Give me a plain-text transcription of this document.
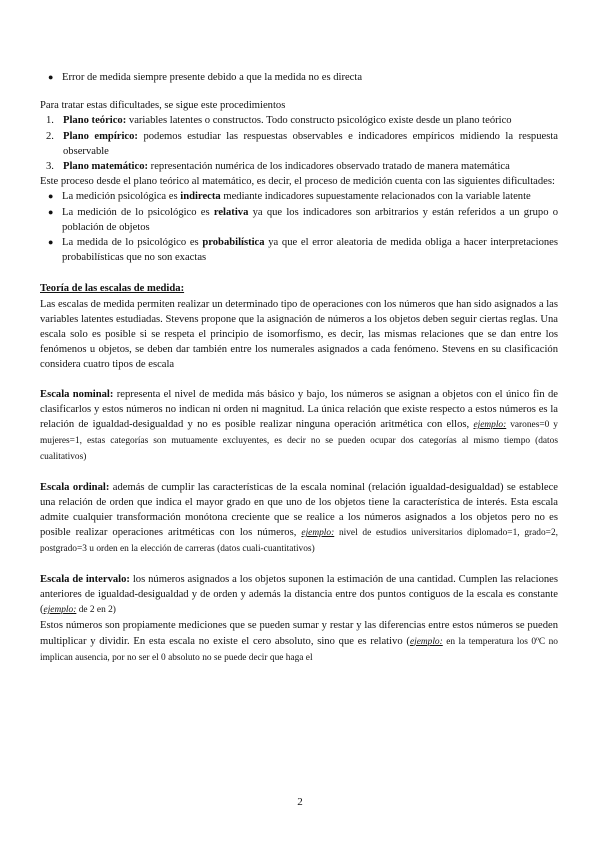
● Error de medida siempre presente debido a que la medida no es directa

Para tratar estas dificultades, se sigue este procedimientos

1. Plano teórico: variables latentes o constructos. Todo constructo psicológico existe desde un plano teórico
2. Plano empírico: podemos estudiar las respuestas observables e indicadores empíricos midiendo la respuesta observable
3. Plano matemático: representación numérica de los indicadores observado tratado de manera matemática

Este proceso desde el plano teórico al matemático, es decir, el proceso de medición cuenta con las siguientes dificultades:

● La medición psicológica es indirecta mediante indicadores supuestamente relacionados con la variable latente
● La medición de lo psicológico es relativa ya que los indicadores son arbitrarios y están referidos a un grupo o población de objetos
● La medida de lo psicológico es probabilística ya que el error aleatoria de medida obliga a hacer interpretaciones probabilísticas que no son exactas

Teoría de las escalas de medida:

Las escalas de medida permiten realizar un determinado tipo de operaciones con los números que han sido asignados a las variables latentes estudiadas. Stevens propone que la asignación de números a los objetos deben seguir ciertas reglas. Una escala solo es posible si se respeta el principio de isomorfismo, es decir, las mismas relaciones que se dan entre los fenómenos u objetos, se deben dar también entre los numerales asignados a cada fenómeno. Stevens en su clasificación considera cuatro tipos de escala

Escala nominal: representa el nivel de medida más básico y bajo, los números se asignan a objetos con el único fin de clasificarlos y estos números no indican ni orden ni magnitud. La única relación que existe respecto a estos números es la relación de igualdad-desigualdad y no es posible realizar ninguna operación aritmética con ellos, ejemplo: varones=0 y mujeres=1, estas categorías son mutuamente excluyentes, es decir no se pueden ocupar dos categorías al mismo tiempo (datos cualitativos)

Escala ordinal: además de cumplir las características de la escala nominal (relación igualdad-desigualdad) se establece una relación de orden que indica el mayor grado en que uno de los objetos tiene la característica de interés. Esta escala admite cualquier transformación monótona creciente que se realice a los números asignados a los objetos pero no es posible realizar operaciones aritméticas con los números, ejemplo: nivel de estudios universitarios diplomado=1, grado=2, postgrado=3 u orden en la elección de carreras (datos cuali-cuantitativos)

Escala de intervalo: los números asignados a los objetos suponen la estimación de una cantidad. Cumplen las relaciones anteriores de igualdad-desigualdad y de orden y además la distancia entre dos puntos contiguos de la escala es constante (ejemplo: de 2 en 2)

Estos números son propiamente mediciones que se pueden sumar y restar y las diferencias entre estos números se pueden multiplicar y dividir. En esta escala no existe el cero absoluto, sino que es relativo (ejemplo: en la temperatura los 0ºC no implican ausencia, por no ser el 0 absoluto no se puede decir que haga el

2
